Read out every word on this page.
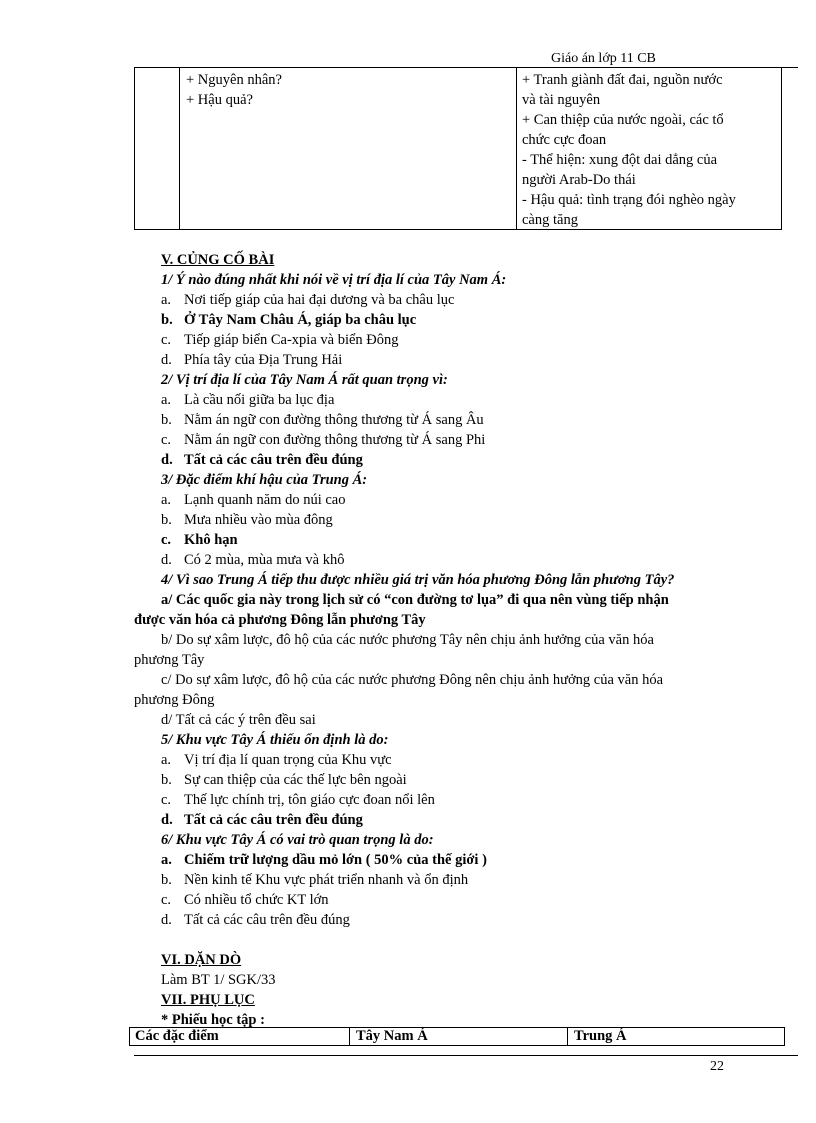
Giáo án lớp 11 CB
+ Nguyên nhân?
+ Hậu quả?
+ Tranh giành đất đai, nguồn nước
và tài nguyên
+ Can thiệp của nước ngoài, các tổ
chức cực đoan
- Thể hiện: xung đột dai dẳng của
người Arab-Do thái
- Hậu quả: tình trạng đói nghèo ngày
càng tăng
V. CỦNG CỐ BÀI
1/ Ý nào đúng nhất khi nói về vị trí địa lí của Tây Nam Á:
a. Nơi tiếp giáp của hai đại dương và ba châu lục
b. Ở Tây Nam Châu Á, giáp ba châu lục
c. Tiếp giáp biển Ca-xpia và biển Đông
d. Phía tây của Địa Trung Hải
2/ Vị trí địa lí của Tây Nam Á rất quan trọng vì:
a. Là cầu nối giữa ba lục địa
b. Nằm án ngữ con đường thông thương từ Á sang Âu
c. Nằm án ngữ con đường thông thương từ Á sang Phi
d. Tất cả các câu trên đều đúng
3/ Đặc điểm khí hậu của Trung Á:
a. Lạnh quanh năm do núi cao
b. Mưa nhiều vào mùa đông
c. Khô hạn
d. Có 2 mùa, mùa mưa và khô
4/ Vì sao Trung Á tiếp thu được nhiều giá trị văn hóa phương Đông lẫn phương Tây?
a/ Các quốc gia này trong lịch sử có “con đường tơ lụa” đi qua nên vùng tiếp nhận
được văn hóa cả phương Đông lẫn phương Tây
b/ Do sự xâm lược, đô hộ của các nước phương Tây nên chịu ảnh hưởng của văn hóa
phương Tây
c/ Do sự xâm lược, đô hộ của các nước phương Đông nên chịu ảnh hưởng của văn hóa
phương Đông
d/ Tất cả các ý trên đều sai
5/ Khu vực Tây Á thiếu ổn định là do:
a. Vị trí địa lí quan trọng của Khu vực
b. Sự can thiệp của các thế lực bên ngoài
c. Thế lực chính trị, tôn giáo cực đoan nổi lên
d. Tất cả các câu trên đều đúng
6/ Khu vực Tây Á có vai trò quan trọng là do:
a. Chiếm trữ lượng dầu mỏ lớn ( 50% của thế giới )
b. Nền kinh tế Khu vực phát triển nhanh và ổn định
c. Có nhiều tổ chức KT lớn
d. Tất cả các câu trên đều đúng
VI. DẶN DÒ
Làm BT 1/ SGK/33
VII. PHỤ LỤC
* Phiếu học tập :
Các đặc điểm	Tây Nam Á	Trung Á
22
